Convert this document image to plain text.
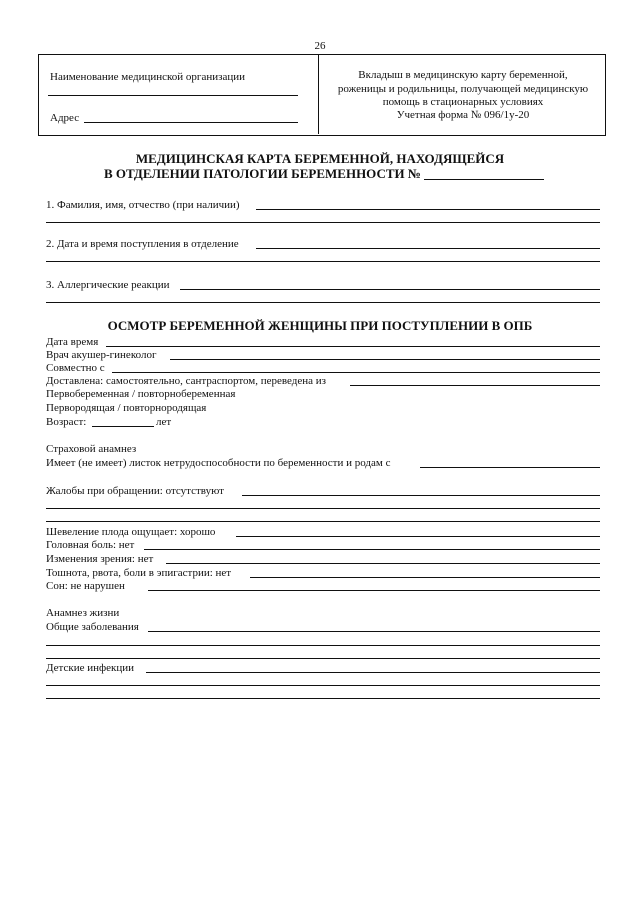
26
Наименование медицинской организации
Адрес
Вкладыш в медицинскую карту беременной,
роженицы и родильницы, получающей медицинскую
помощь в стационарных условиях
Учетная форма № 096/1у-20
МЕДИЦИНСКАЯ КАРТА БЕРЕМЕННОЙ, НАХОДЯЩЕЙСЯ
В ОТДЕЛЕНИИ ПАТОЛОГИИ БЕРЕМЕННОСТИ №
1. Фамилия, имя, отчество (при наличии)
2. Дата и время поступления в отделение
3. Аллергические реакции
ОСМОТР БЕРЕМЕННОЙ ЖЕНЩИНЫ ПРИ ПОСТУПЛЕНИИ В ОПБ
Дата время
Врач акушер-гинеколог
Совместно с
Доставлена: самостоятельно, сантраспортом, переведена из
Первобеременная / повторнобеременная
Первородящая / повторнородящая
Возраст:	лет
Страховой анамнез
Имеет (не имеет) листок нетрудоспособности по беременности и родам с
Жалобы при обращении: отсутствуют
Шевеление плода ощущает: хорошо
Головная боль: нет
Изменения зрения: нет
Тошнота, рвота, боли в эпигастрии: нет
Сон: не нарушен
Анамнез жизни
Общие заболевания
Детские инфекции
